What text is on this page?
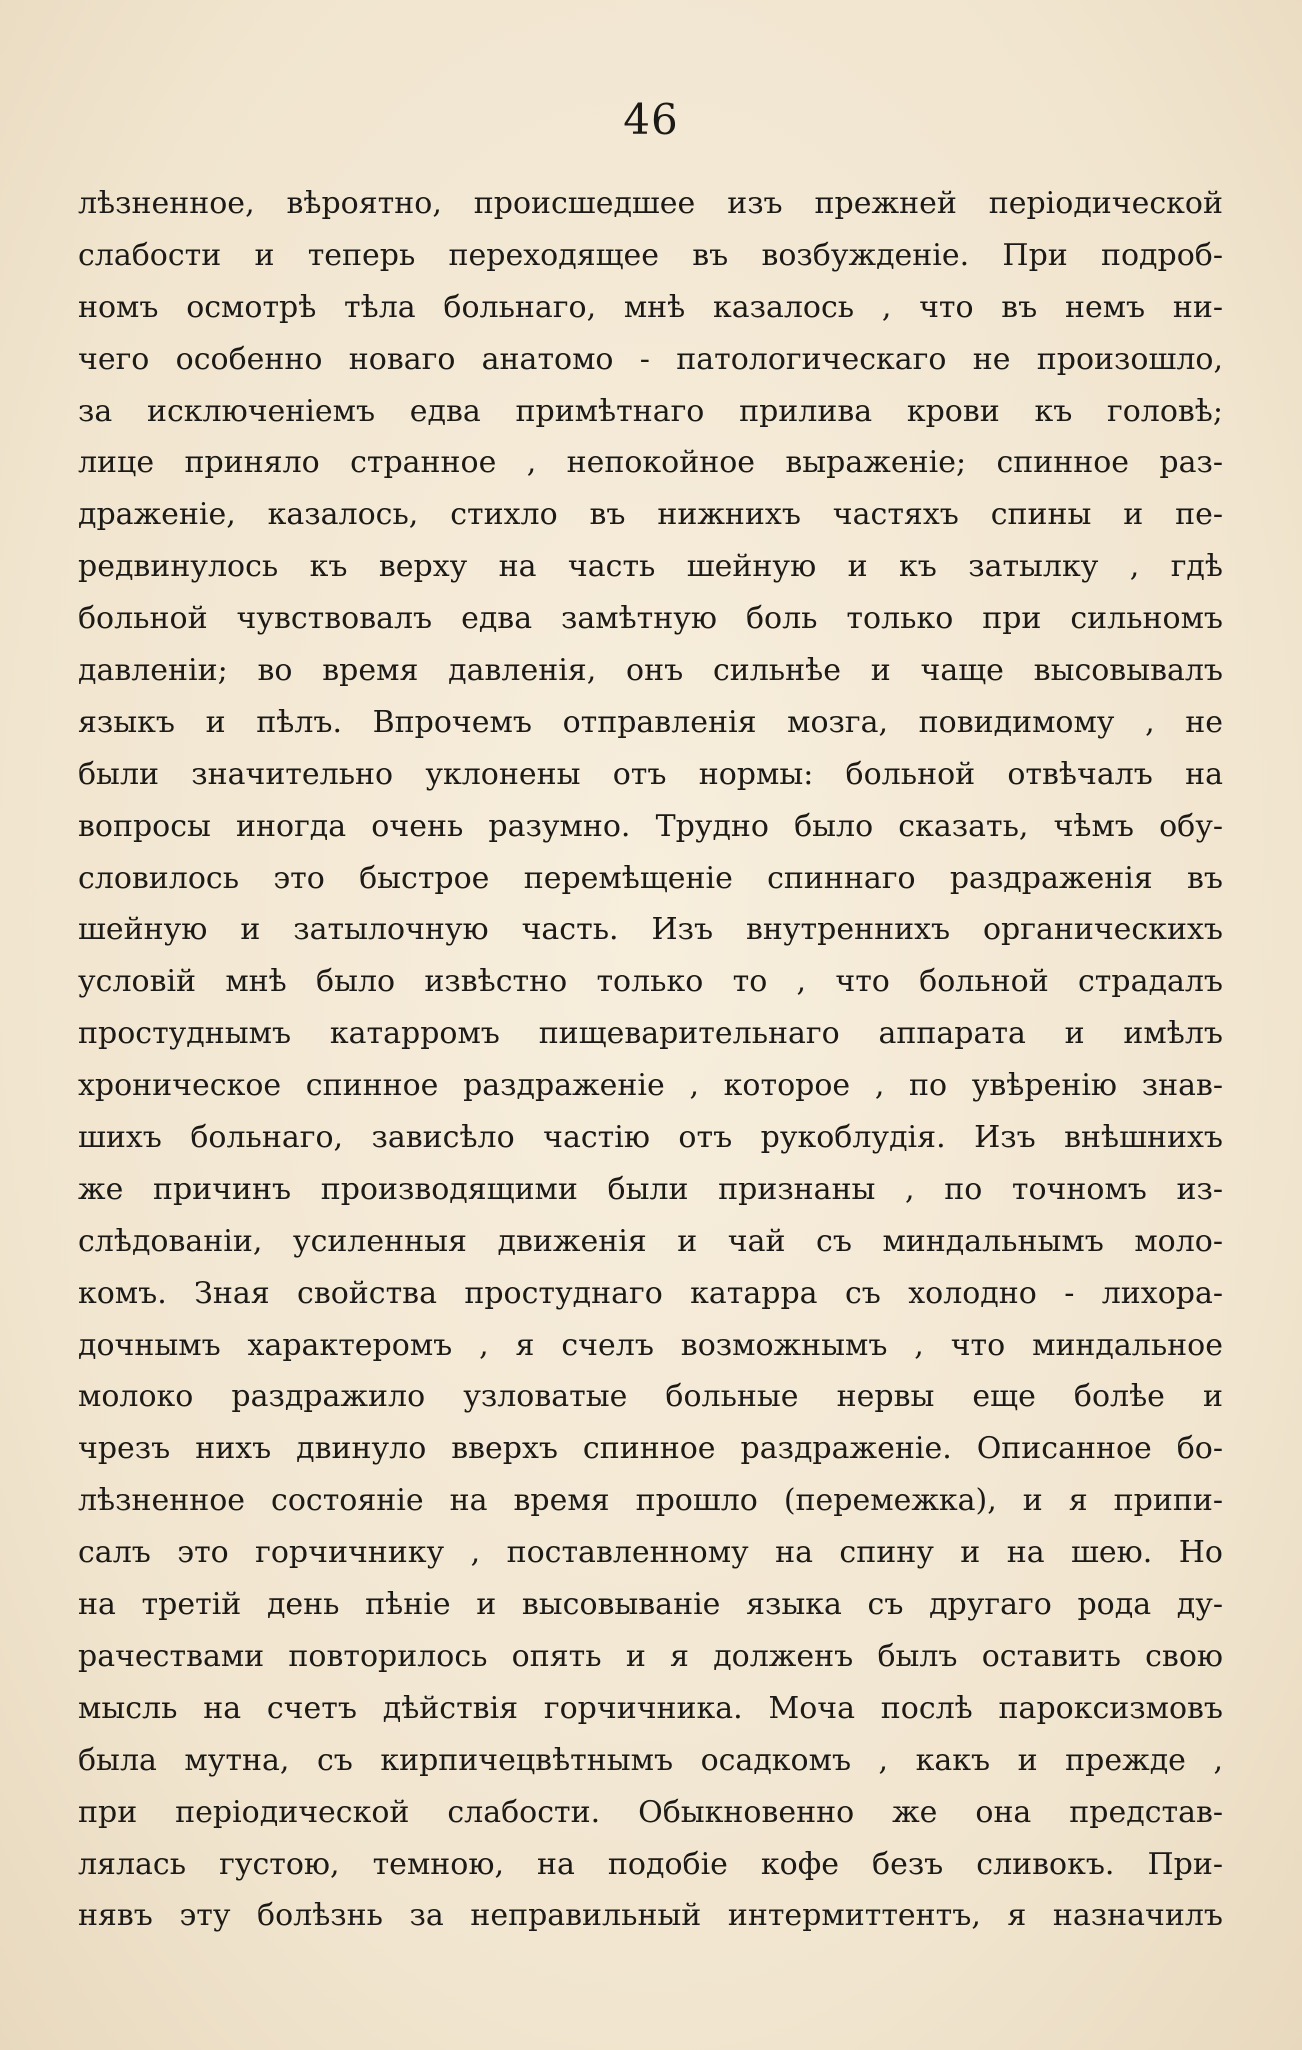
46
лѣзненное, вѣроятно, происшедшее изъ прежней періодической
слабости и теперь переходящее въ возбужденіе. При подроб-
номъ осмотрѣ тѣла больнаго, мнѣ казалось , что въ немъ ни-
чего особенно новаго анатомо - патологическаго не произошло,
за исключеніемъ едва примѣтнаго прилива крови къ головѣ;
лице приняло странное , непокойное выраженіе; спинное раз-
драженіе, казалось, стихло въ нижнихъ частяхъ спины и пе-
редвинулось къ верху на часть шейную и къ затылку , гдѣ
больной чувствовалъ едва замѣтную боль только при сильномъ
давленіи; во время давленія, онъ сильнѣе и чаще высовывалъ
языкъ и пѣлъ. Впрочемъ отправленія мозга, повидимому , не
были значительно уклонены отъ нормы: больной отвѣчалъ на
вопросы иногда очень разумно. Трудно было сказать, чѣмъ обу-
словилось это быстрое перемѣщеніе спиннаго раздраженія въ
шейную и затылочную часть. Изъ внутреннихъ органическихъ
условій мнѣ было извѣстно только то , что больной страдалъ
простуднымъ катарромъ пищеварительнаго аппарата и имѣлъ
хроническое спинное раздраженіе , которое , по увѣренію знав-
шихъ больнаго, зависѣло частію отъ рукоблудія. Изъ внѣшнихъ
же причинъ производящими были признаны , по точномъ из-
слѣдованіи, усиленныя движенія и чай съ миндальнымъ моло-
комъ. Зная свойства простуднаго катарра съ холодно - лихора-
дочнымъ характеромъ , я счелъ возможнымъ , что миндальное
молоко раздражило узловатые больные нервы еще болѣе и
чрезъ нихъ двинуло вверхъ спинное раздраженіе. Описанное бо-
лѣзненное состояніе на время прошло (перемежка), и я припи-
салъ это горчичнику , поставленному на спину и на шею. Но
на третій день пѣніе и высовываніе языка съ другаго рода ду-
рачествами повторилось опять и я долженъ былъ оставить свою
мысль на счетъ дѣйствія горчичника. Моча послѣ пароксизмовъ
была мутна, съ кирпичецвѣтнымъ осадкомъ , какъ и прежде ,
при періодической слабости. Обыкновенно же она представ-
лялась густою, темною, на подобіе кофе безъ сливокъ. При-
нявъ эту болѣзнь за неправильный интермиттентъ, я назначилъ
